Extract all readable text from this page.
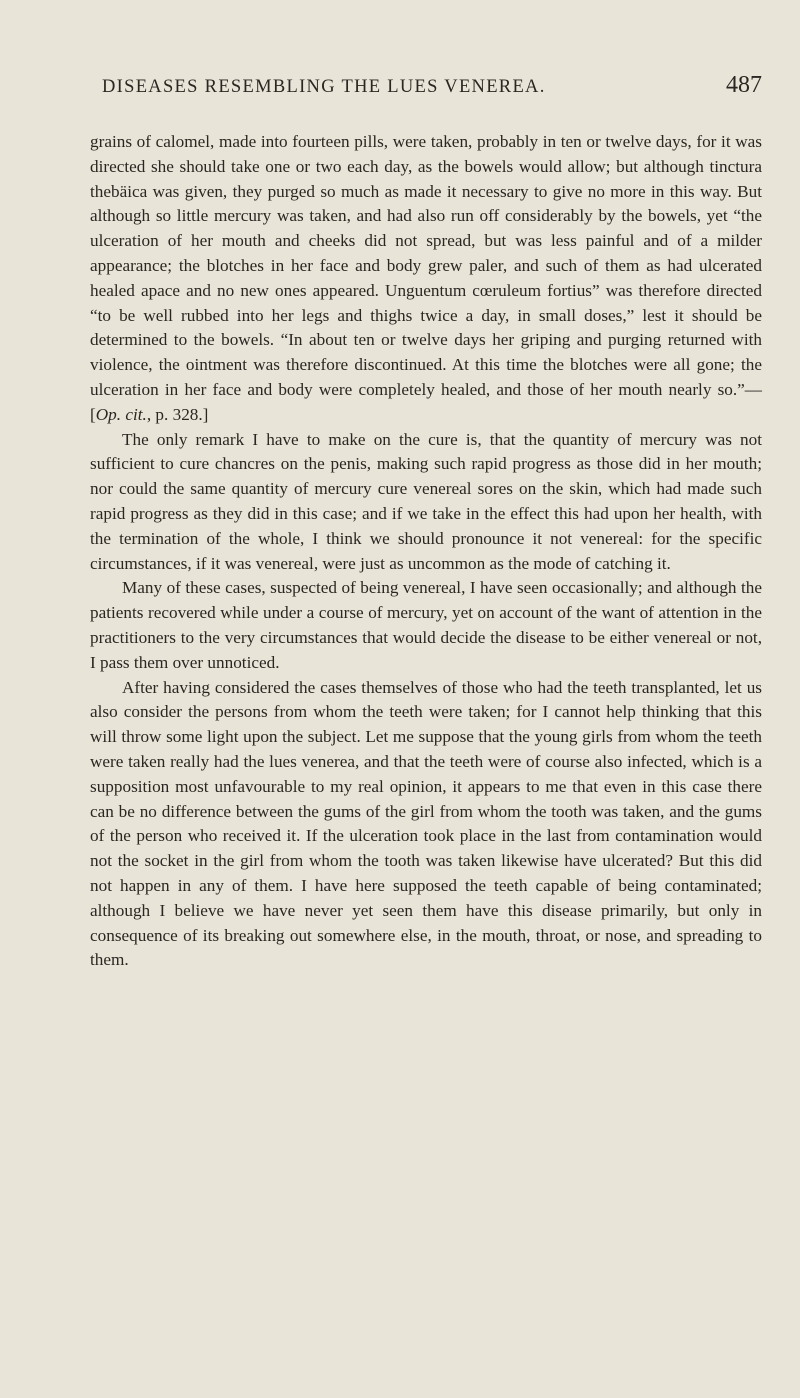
DISEASES RESEMBLING THE LUES VENEREA.	487

grains of calomel, made into fourteen pills, were taken, probably in ten or twelve days, for it was directed she should take one or two each day, as the bowels would allow; but although tinctura thebäica was given, they purged so much as made it necessary to give no more in this way. But although so little mercury was taken, and had also run off considerably by the bowels, yet “the ulceration of her mouth and cheeks did not spread, but was less painful and of a milder appearance; the blotches in her face and body grew paler, and such of them as had ulcerated healed apace and no new ones appeared. Unguentum cœruleum fortius” was therefore directed “to be well rubbed into her legs and thighs twice a day, in small doses,” lest it should be determined to the bowels. “In about ten or twelve days her griping and purging returned with violence, the ointment was therefore discontinued. At this time the blotches were all gone; the ulceration in her face and body were completely healed, and those of her mouth nearly so.”—[Op. cit., p. 328.]

The only remark I have to make on the cure is, that the quantity of mercury was not sufficient to cure chancres on the penis, making such rapid progress as those did in her mouth; nor could the same quantity of mercury cure venereal sores on the skin, which had made such rapid progress as they did in this case; and if we take in the effect this had upon her health, with the termination of the whole, I think we should pronounce it not venereal: for the specific circumstances, if it was venereal, were just as uncommon as the mode of catching it.

Many of these cases, suspected of being venereal, I have seen occasionally; and although the patients recovered while under a course of mercury, yet on account of the want of attention in the practitioners to the very circumstances that would decide the disease to be either venereal or not, I pass them over unnoticed.

After having considered the cases themselves of those who had the teeth transplanted, let us also consider the persons from whom the teeth were taken; for I cannot help thinking that this will throw some light upon the subject. Let me suppose that the young girls from whom the teeth were taken really had the lues venerea, and that the teeth were of course also infected, which is a supposition most unfavourable to my real opinion, it appears to me that even in this case there can be no difference between the gums of the girl from whom the tooth was taken, and the gums of the person who received it. If the ulceration took place in the last from contamination would not the socket in the girl from whom the tooth was taken likewise have ulcerated? But this did not happen in any of them. I have here supposed the teeth capable of being contaminated; although I believe we have never yet seen them have this disease primarily, but only in consequence of its breaking out somewhere else, in the mouth, throat, or nose, and spreading to them.
